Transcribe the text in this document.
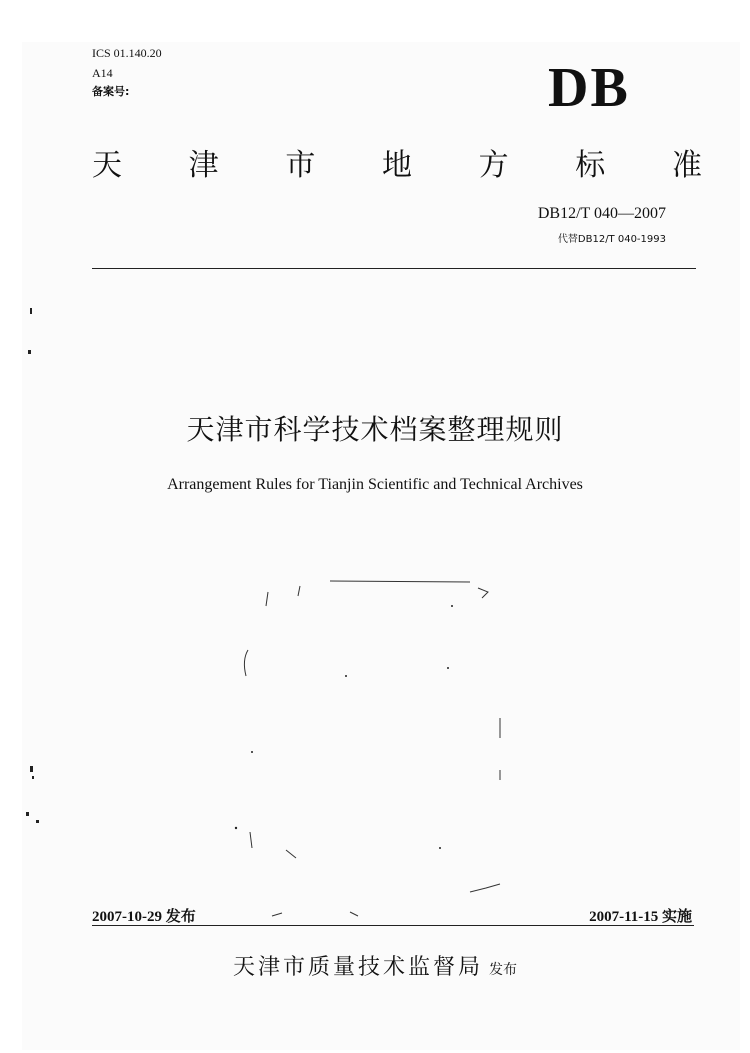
ICS 01.140.20
A14
备案号:	DB
天 津 市 地 方 标 准
DB12/T 040—2007
代替DB12/T 040-1993
天津市科学技术档案整理规则
Arrangement Rules for Tianjin Scientific and Technical Archives
2007-10-29 发布	2007-11-15 实施
天津市质量技术监督局 发布
